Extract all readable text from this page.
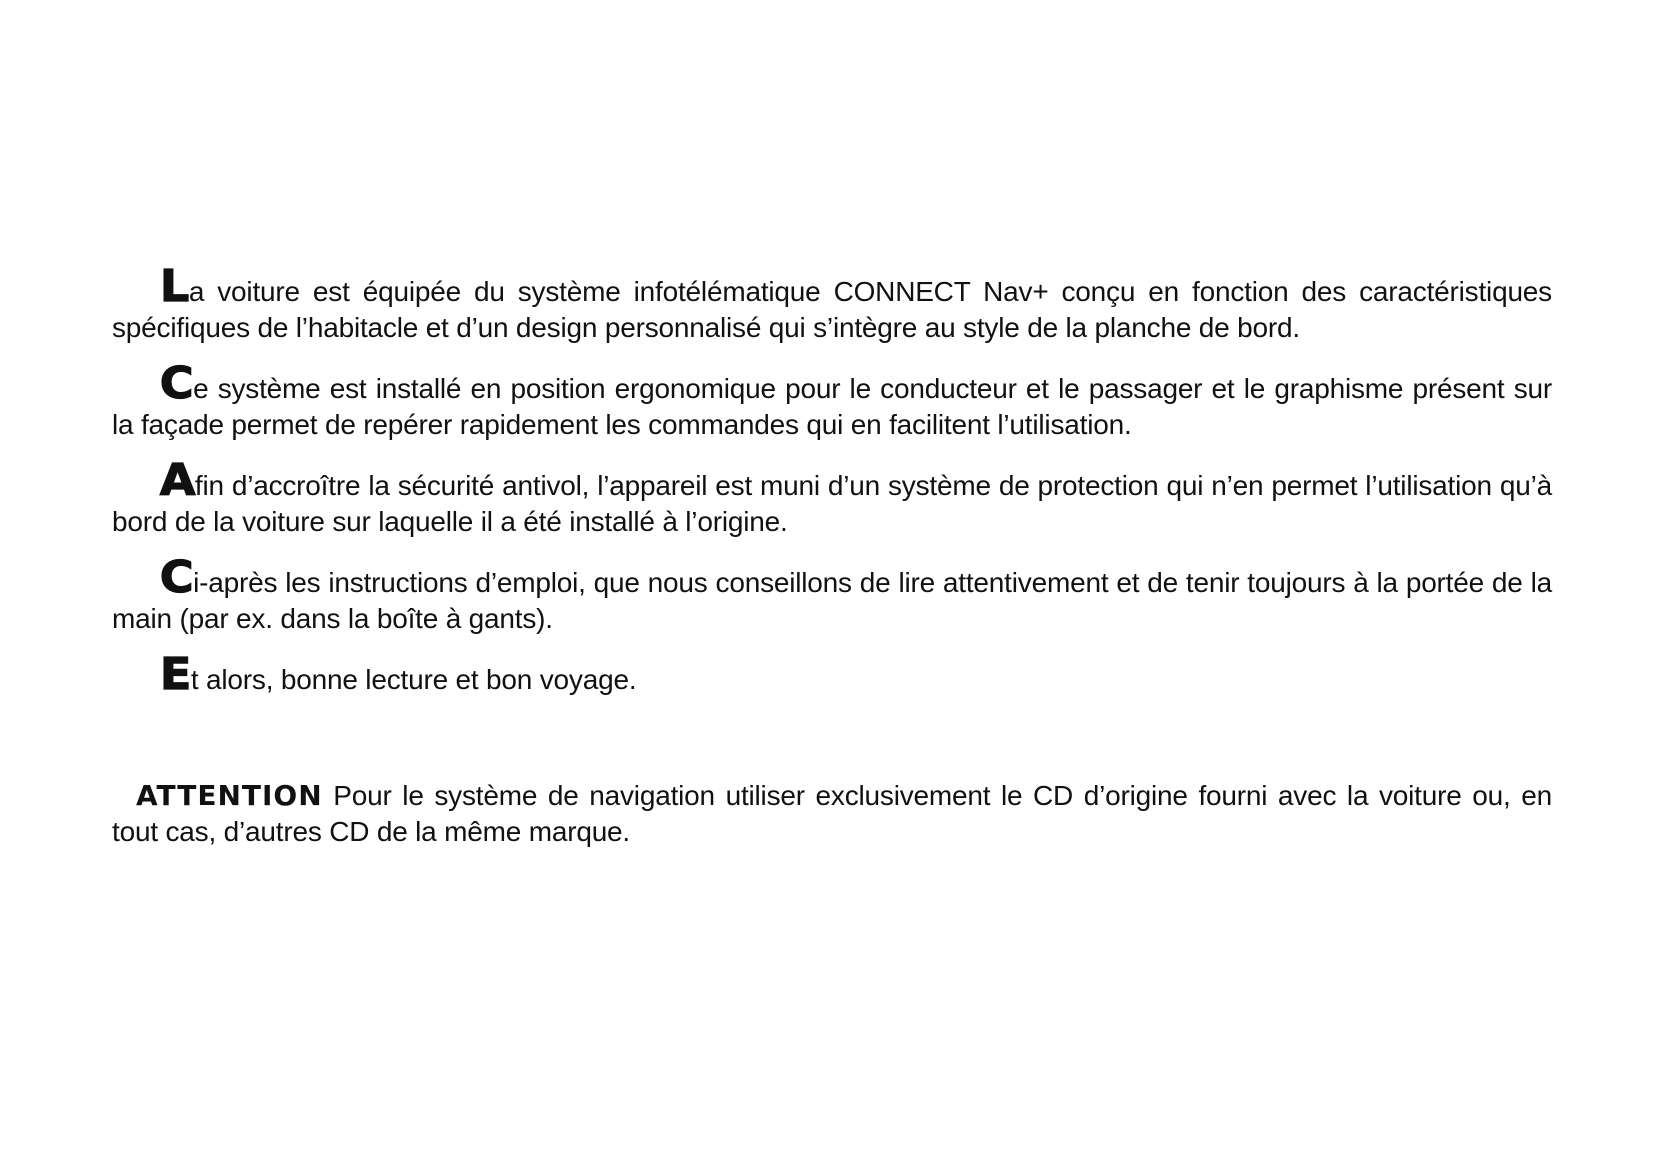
La voiture est équipée du système infotélématique CONNECT Nav+ conçu en fonction des caractéristiques spécifiques de l’habitacle et d’un design personnalisé qui s’intègre au style de la planche de bord.

Ce système est installé en position ergonomique pour le conducteur et le passager et le graphisme présent sur la façade permet de repérer rapidement les commandes qui en facilitent l’utilisation.

Afin d’accroître la sécurité antivol, l’appareil est muni d’un système de protection qui n’en permet l’utilisation qu’à bord de la voiture sur laquelle il a été installé à l’origine.

Ci-après les instructions d’emploi, que nous conseillons de lire attentivement et de tenir toujours à la portée de la main (par ex. dans la boîte à gants).

Et alors, bonne lecture et bon voyage.

ATTENTION Pour le système de navigation utiliser exclusivement le CD d’origine fourni avec la voiture ou, en tout cas, d’autres CD de la même marque.
